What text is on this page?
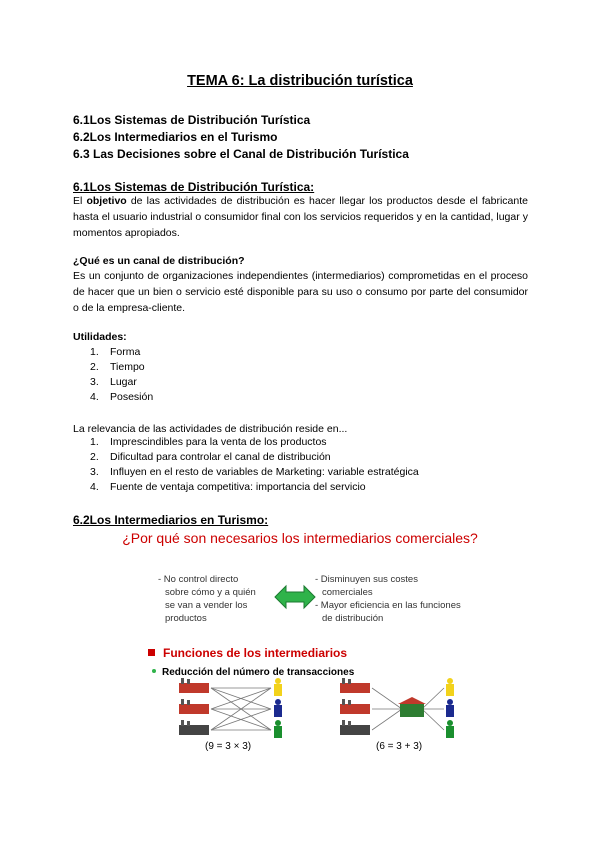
TEMA 6: La distribución turística
6.1Los Sistemas de Distribución Turística
6.2Los Intermediarios en el Turismo
6.3 Las Decisiones sobre el Canal de Distribución Turística
6.1Los Sistemas de Distribución Turística:
El objetivo de las actividades de distribución es hacer llegar los productos desde el fabricante hasta el usuario industrial o consumidor final con los servicios requeridos y en la cantidad, lugar y momentos apropiados.
¿Qué es un canal de distribución?
Es un conjunto de organizaciones independientes (intermediarios) comprometidas en el proceso de hacer que un bien o servicio esté disponible para su uso o consumo por parte del consumidor o de la empresa-cliente.
Utilidades:
1. Forma
2. Tiempo
3. Lugar
4. Posesión
La relevancia de las actividades de distribución reside en...
1. Imprescindibles para la venta de los productos
2. Dificultad para controlar el canal de distribución
3. Influyen en el resto de variables de Marketing: variable estratégica
4. Fuente de ventaja competitiva: importancia del servicio
6.2Los Intermediarios en Turismo:
¿Por qué son necesarios los intermediarios comerciales?
- No control directo
sobre cómo y a quién
se van a vender los
productos
- Disminuyen sus costes
comerciales
- Mayor eficiencia en las funciones
de distribución
Funciones de los intermediarios
Reducción del número de transacciones
(9 = 3 × 3)	(6 = 3 + 3)
